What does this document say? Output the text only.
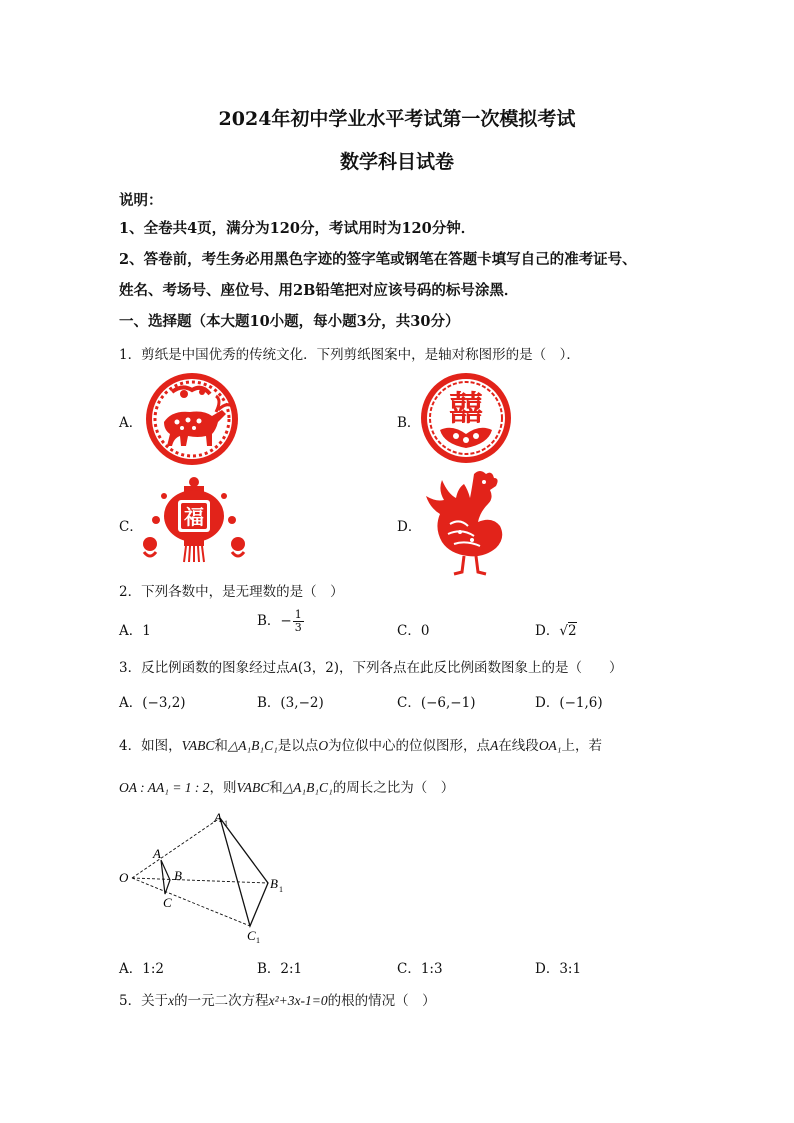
2024年初中学业水平考试第一次模拟考试
数学科目试卷
说明：
1、全卷共4页，满分为120分，考试用时为120分钟．
2、答卷前，考生务必用黑色字迹的签字笔或钢笔在答题卡填写自己的准考证号、
姓名、考场号、座位号、用2B铅笔把对应该号码的标号涂黑．
一、选择题（本大题10小题，每小题3分，共30分）
1．剪纸是中国优秀的传统文化．下列剪纸图案中，是轴对称图形的是（　）．
A．	B． 囍
C． 福	D．
2．下列各数中，是无理数的是（　）
A．1
B．− $\frac{1}{3}$	C．0	D．√2
3．反比例函数的图象经过点A(3，2)，下列各点在此反比例函数图象上的是（　　）
A．(−3,2)	B．(3,−2)	C．(−6,−1)	D．(−1,6)
4．如图，VABC和△A₁B₁C₁是以点O为位似中心的位似图形，点A在线段OA₁上，若
OA : AA₁ = 1 : 2，则VABC和△A₁B₁C₁的周长之比为（　）
O
A
B
C
A 1
B 1
C 1
A．1:2	B．2:1	C．1:3	D．3:1
5．关于x的一元二次方程x²+3x-1=0的根的情况（　）
